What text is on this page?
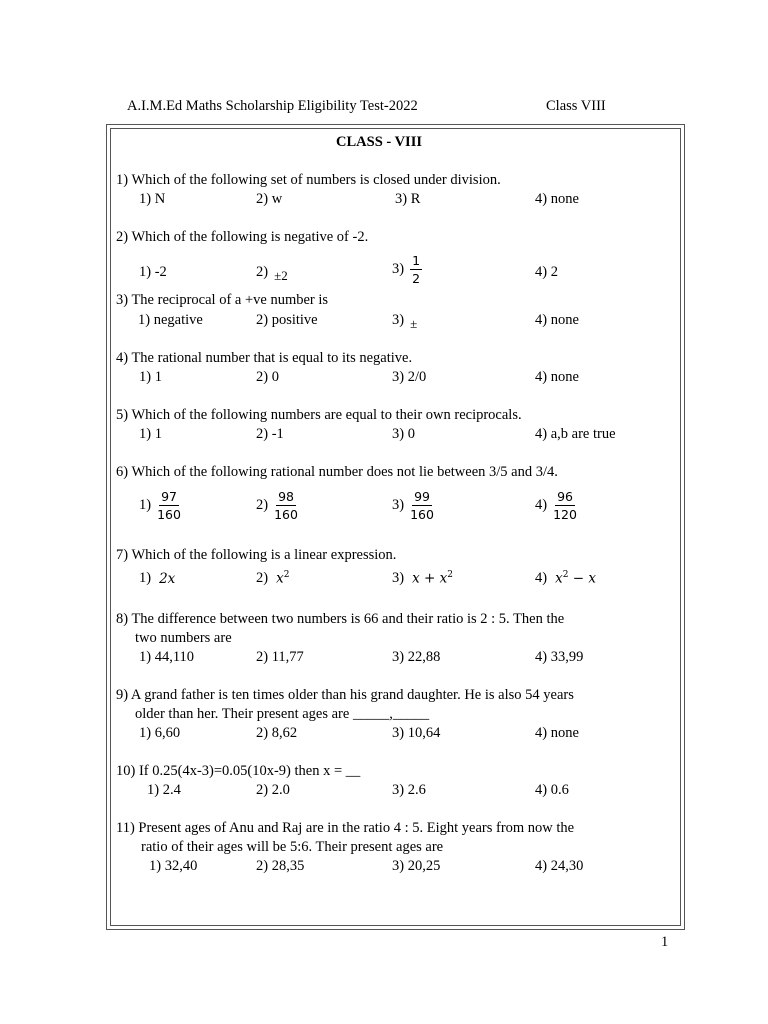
A.I.M.Ed Maths Scholarship Eligibility Test-2022	Class VIII
CLASS - VIII
1) Which of the following set of numbers is closed under division.
1) N	2) w	3) R	4) none
2) Which of the following is negative of -2.
1) -2	2) ±2	$3) \frac{1}{2}$	4) 2
3) The reciprocal of a +ve number is
1) negative	2) positive	3) ±	4) none
4) The rational number that is equal to its negative.
1) 1	2) 0	3) 2/0	4) none
5) Which of the following numbers are equal to their own reciprocals.
1) 1	2) -1	3) 0	4) a,b are true
6) Which of the following rational number does not lie between 3/5 and 3/4.
$1) \frac{97}{160}$	$2) \frac{98}{160}$	$3) \frac{99}{160}$	$4) \frac{96}{120}$
7) Which of the following is a linear expression.
1) 2x	2) $x^2$	3) $x + x^2$	4) $x^2 - x$
8) The difference between two numbers is 66 and their ratio is 2 : 5. Then the
two numbers are
1) 44,110	2) 11,77	3) 22,88	4) 33,99
9) A grand father is ten times older than his grand daughter. He is also 54 years
older than her. Their present ages are _____,_____
1) 6,60	2) 8,62	3) 10,64	4) none
10) If 0.25(4x-3)=0.05(10x-9) then x = __
1) 2.4	2) 2.0	3) 2.6	4) 0.6
11) Present ages of Anu and Raj are in the ratio 4 : 5. Eight years from now the
ratio of their ages will be 5:6. Their present ages are
1) 32,40	2) 28,35	3) 20,25	4) 24,30
1
